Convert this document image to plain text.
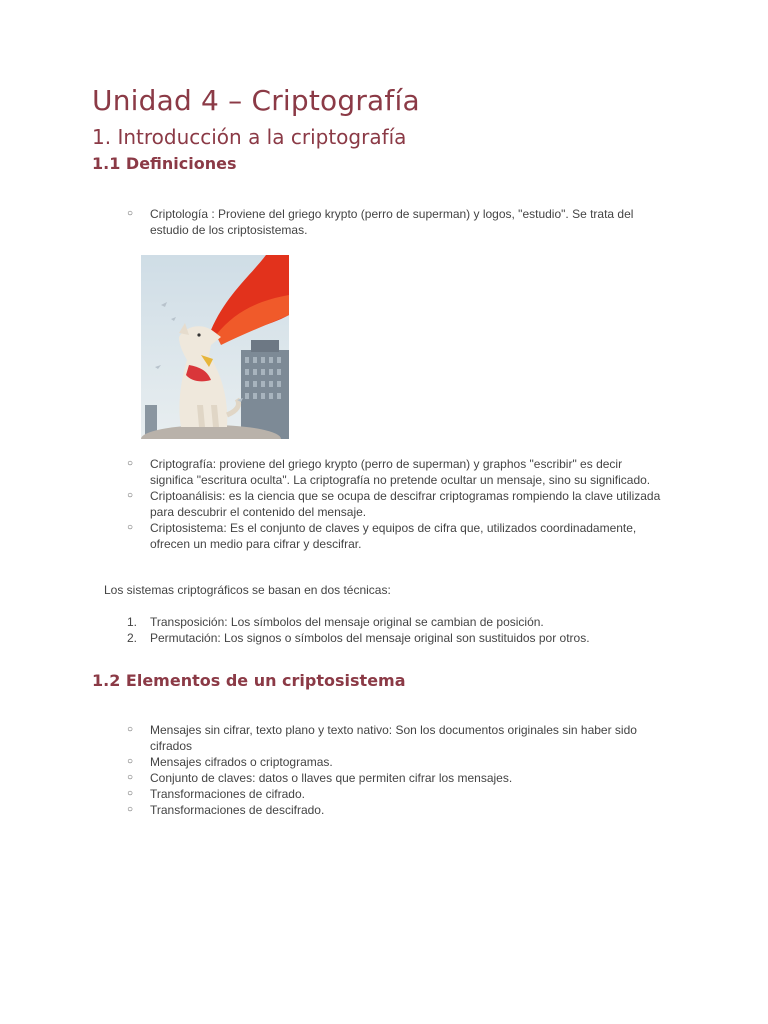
Unidad 4 – Criptografía
1. Introducción a la criptografía
1.1 Definiciones
○ Criptología : Proviene del griego krypto (perro de superman) y logos, "estudio". Se trata del estudio de los criptosistemas.
○ Criptografía: proviene del griego krypto (perro de superman) y graphos "escribir" es decir significa "escritura oculta". La criptografía no pretende ocultar un mensaje, sino su significado.
○ Criptoanálisis: es la ciencia que se ocupa de descifrar criptogramas rompiendo la clave utilizada para descubrir el contenido del mensaje.
○ Criptosistema: Es el conjunto de claves y equipos de cifra que, utilizados coordinadamente, ofrecen un medio para cifrar y descifrar.

Los sistemas criptográficos se basan en dos técnicas:

1. Transposición: Los símbolos del mensaje original se cambian de posición.
2. Permutación: Los signos o símbolos del mensaje original son sustituidos por otros.
1.2 Elementos de un criptosistema
○ Mensajes sin cifrar, texto plano y texto nativo: Son los documentos originales sin haber sido cifrados
○ Mensajes cifrados o criptogramas.
○ Conjunto de claves: datos o llaves que permiten cifrar los mensajes.
○ Transformaciones de cifrado.
○ Transformaciones de descifrado.
